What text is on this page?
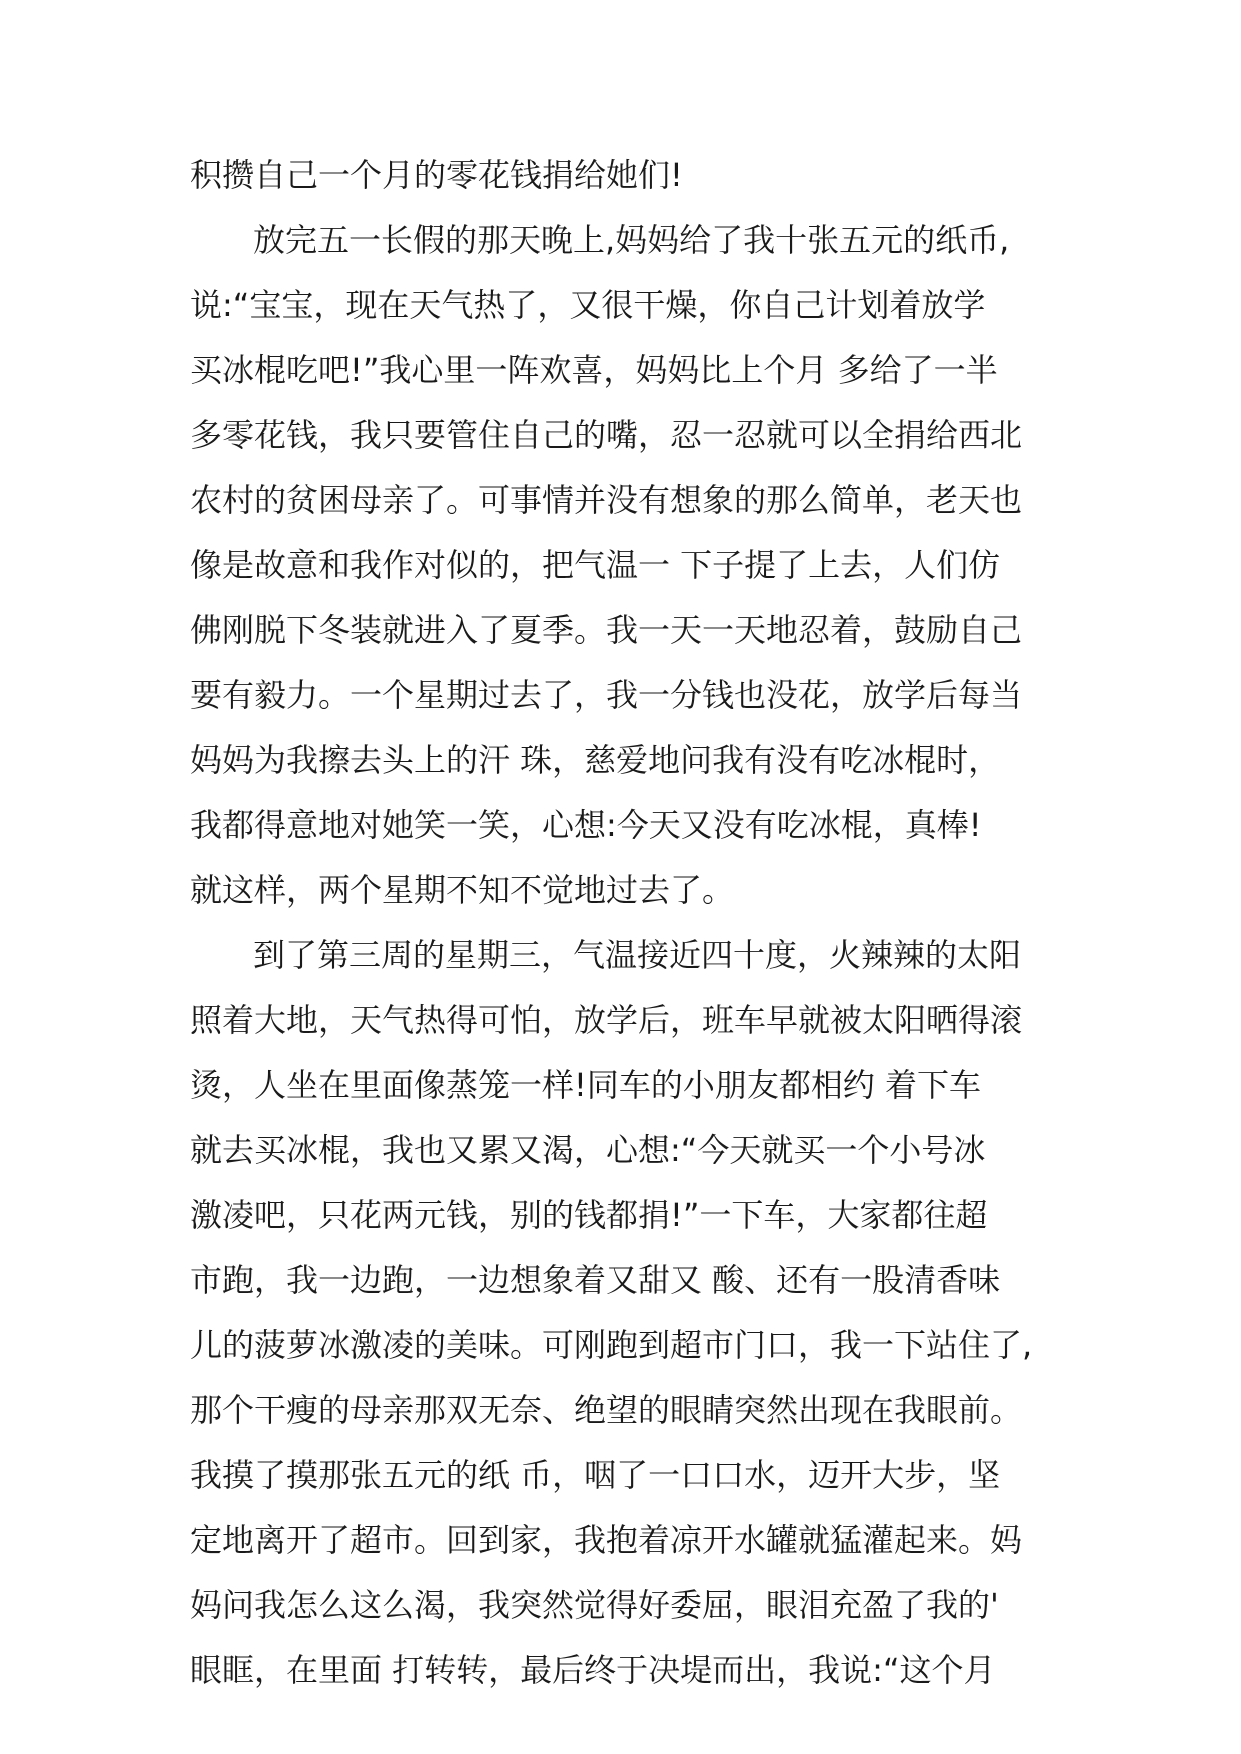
积攒自己一个月的零花钱捐给她们!
放完五一长假的那天晚上,妈妈给了我十张五元的纸币,
说:“宝宝，现在天气热了，又很干燥，你自己计划着放学
买冰棍吃吧!”我心里一阵欢喜，妈妈比上个月 多给了一半
多零花钱，我只要管住自己的嘴，忍一忍就可以全捐给西北
农村的贫困母亲了。可事情并没有想象的那么简单，老天也
像是故意和我作对似的，把气温一 下子提了上去，人们仿
佛刚脱下冬装就进入了夏季。我一天一天地忍着，鼓励自己
要有毅力。一个星期过去了，我一分钱也没花，放学后每当
妈妈为我擦去头上的汗 珠，慈爱地问我有没有吃冰棍时，
我都得意地对她笑一笑，心想:今天又没有吃冰棍，真棒!
就这样，两个星期不知不觉地过去了。
到了第三周的星期三，气温接近四十度，火辣辣的太阳
照着大地，天气热得可怕，放学后，班车早就被太阳晒得滚
烫，人坐在里面像蒸笼一样!同车的小朋友都相约 着下车
就去买冰棍，我也又累又渴，心想:“今天就买一个小号冰
激凌吧，只花两元钱，别的钱都捐!”一下车，大家都往超
市跑，我一边跑，一边想象着又甜又 酸、还有一股清香味
儿的菠萝冰激凌的美味。可刚跑到超市门口，我一下站住了,
那个干瘦的母亲那双无奈、绝望的眼睛突然出现在我眼前。
我摸了摸那张五元的纸 币，咽了一口口水，迈开大步，坚
定地离开了超市。回到家，我抱着凉开水罐就猛灌起来。妈
妈问我怎么这么渴，我突然觉得好委屈，眼泪充盈了我的'
眼眶，在里面 打转转，最后终于决堤而出，我说:“这个月
